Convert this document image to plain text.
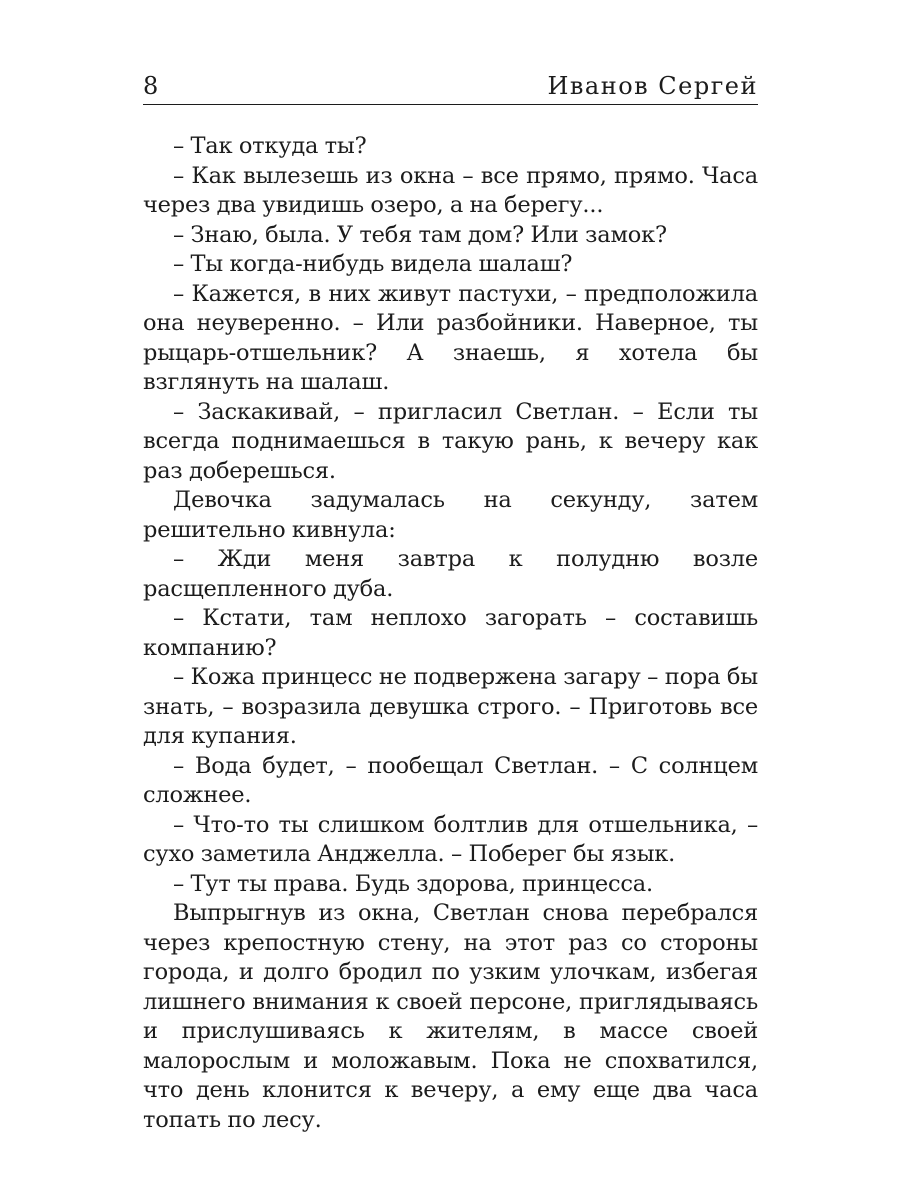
8	Иванов Сергей

– Так откуда ты?

– Как вылезешь из окна – все прямо, прямо. Часа через два увидишь озеро, а на берегу...

– Знаю, была. У тебя там дом? Или замок?

– Ты когда-нибудь видела шалаш?

– Кажется, в них живут пастухи, – предположила она неуверенно. – Или разбойники. Наверное, ты рыцарь-отшельник? А знаешь, я хотела бы взглянуть на шалаш.

– Заскакивай, – пригласил Светлан. – Если ты всегда поднимаешься в такую рань, к вечеру как раз доберешься.

Девочка задумалась на секунду, затем решительно кивнула:

– Жди меня завтра к полудню возле расщепленного дуба.

– Кстати, там неплохо загорать – составишь компанию?

– Кожа принцесс не подвержена загару – пора бы знать, – возразила девушка строго. – Приготовь все для купания.

– Вода будет, – пообещал Светлан. – С солнцем сложнее.

– Что-то ты слишком болтлив для отшельника, – сухо заметила Анджелла. – Поберег бы язык.

– Тут ты права. Будь здорова, принцесса.

Выпрыгнув из окна, Светлан снова перебрался через крепостную стену, на этот раз со стороны города, и долго бродил по узким улочкам, избегая лишнего внимания к своей персоне, приглядываясь и прислушиваясь к жителям, в массе своей малорослым и моложавым. Пока не спохватился, что день клонится к вечеру, а ему еще два часа топать по лесу.
